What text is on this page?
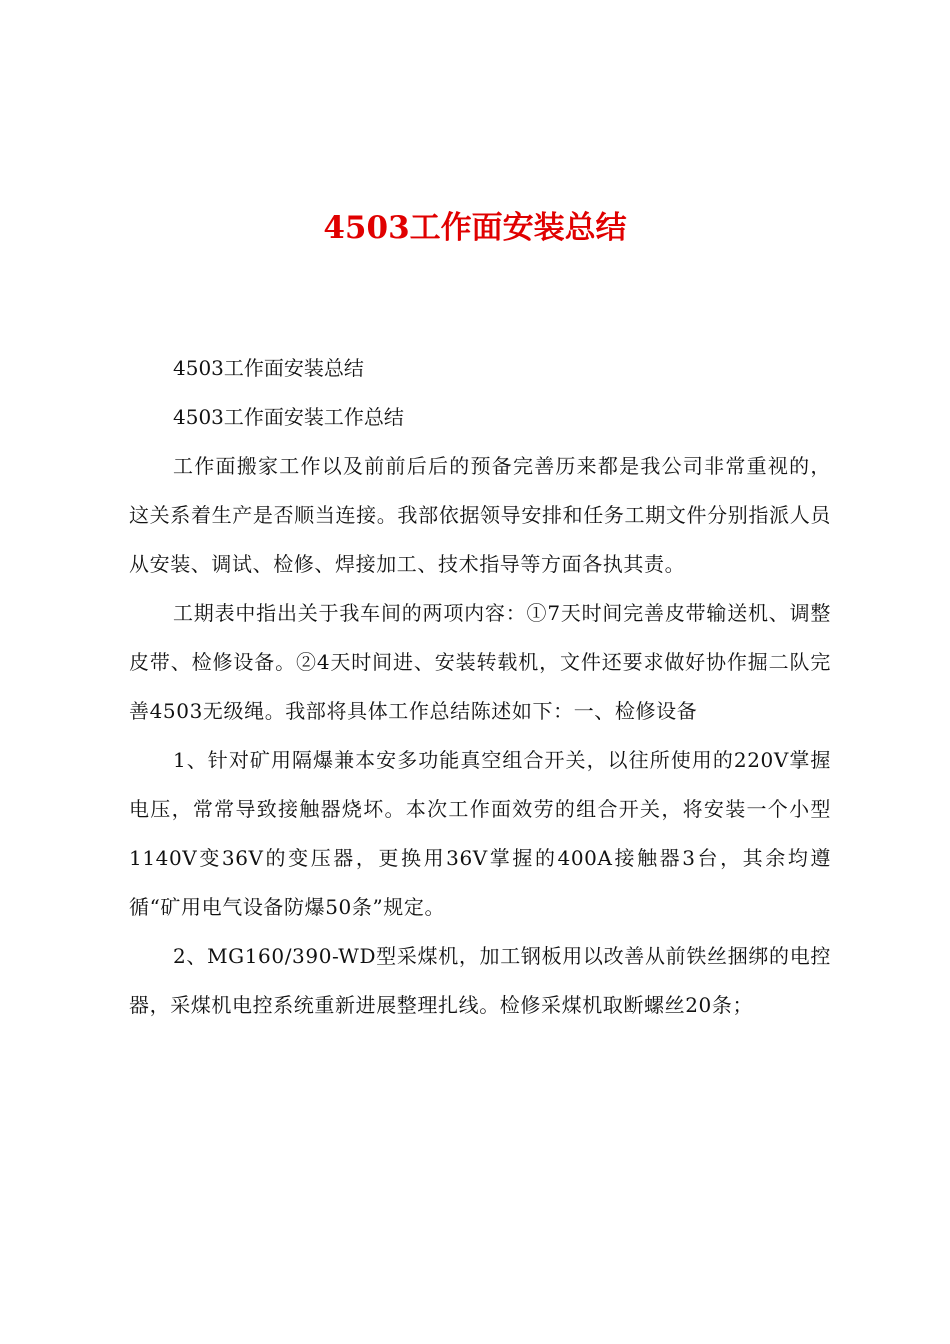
4503工作面安装总结

4503工作面安装总结

4503工作面安装工作总结

工作面搬家工作以及前前后后的预备完善历来都是我公司非常重视的，这关系着生产是否顺当连接。我部依据领导安排和任务工期文件分别指派人员从安装、调试、检修、焊接加工、技术指导等方面各执其责。

工期表中指出关于我车间的两项内容：①7天时间完善皮带输送机、调整皮带、检修设备。②4天时间进、安装转载机，文件还要求做好协作掘二队完善4503无级绳。我部将具体工作总结陈述如下：一、检修设备

1、针对矿用隔爆兼本安多功能真空组合开关，以往所使用的220V掌握电压，常常导致接触器烧坏。本次工作面效劳的组合开关，将安装一个小型1140V变36V的变压器，更换用36V掌握的400A接触器3台，其余均遵循“矿用电气设备防爆50条”规定。

2、MG160/390-WD型采煤机，加工钢板用以改善从前铁丝捆绑的电控器，采煤机电控系统重新进展整理扎线。检修采煤机取断螺丝20条；
